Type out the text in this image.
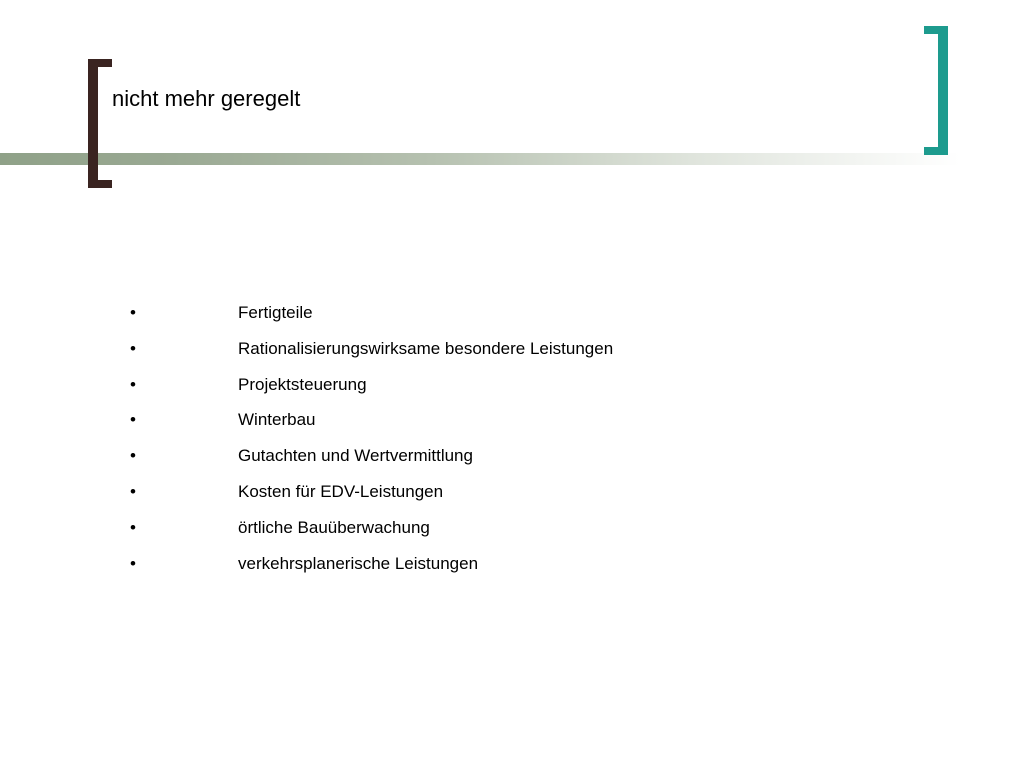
nicht mehr geregelt
•	Fertigteile
•	Rationalisierungswirksame besondere Leistungen
•	Projektsteuerung
•	Winterbau
•	Gutachten und Wertvermittlung
•	Kosten für EDV-Leistungen
•	örtliche Bauüberwachung
•	verkehrsplanerische Leistungen
